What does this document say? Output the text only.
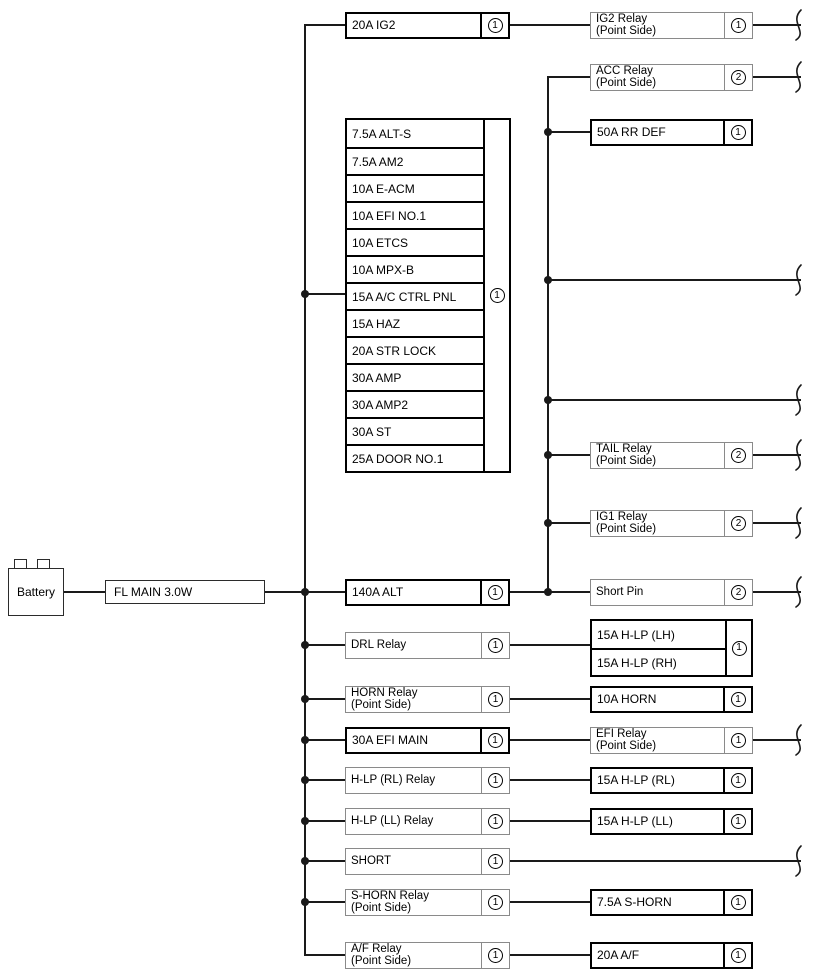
Battery	FL MAIN 3.0W
20A IG2	1
7.5A ALT-S
7.5A AM2
10A E-ACM
10A EFI NO.1
10A ETCS
10A MPX-B
15A A/C CTRL PNL
15A HAZ
20A STR LOCK
30A AMP
30A AMP2
30A ST
25A DOOR NO.1
1
140A ALT	1
DRL Relay	1
HORN Relay
(Point Side)	1
30A EFI MAIN	1
H-LP (RL) Relay	1
H-LP (LL) Relay	1
SHORT	1
S-HORN Relay
(Point Side)	1
A/F Relay
(Point Side)	1
IG2 Relay
(Point Side)	1
ACC Relay
(Point Side)	2
50A RR DEF	1
TAIL Relay
(Point Side)	2
IG1 Relay
(Point Side)	2
Short Pin	2
15A H-LP (LH)
15A H-LP (RH)
1
10A HORN	1
EFI Relay
(Point Side)	1
15A H-LP (RL)	1
15A H-LP (LL)	1
7.5A S-HORN	1
20A A/F	1
